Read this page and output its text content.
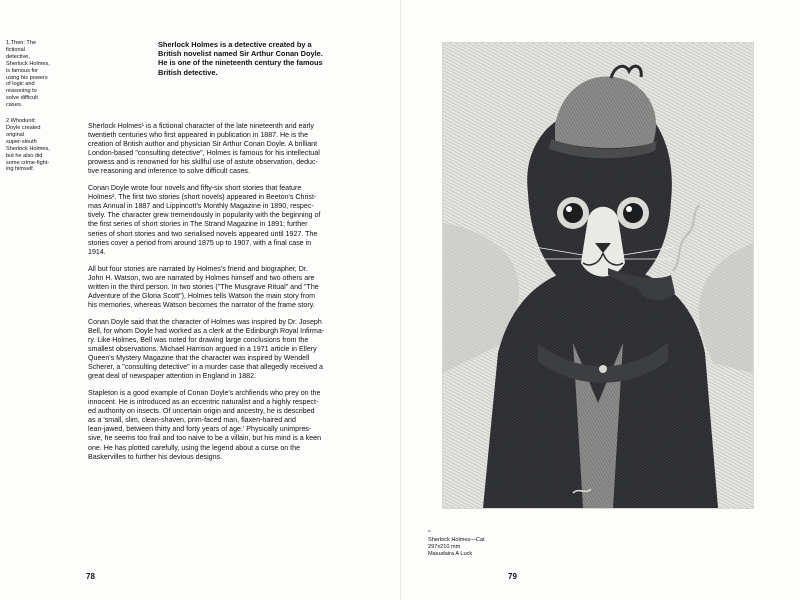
1.Then: The
fictional
detective,
Sherlock Holmes,
is famous for
using his powers
of logic and
reasoning to
solve difficult
cases.

2.Whodunit:
Doyle created
original
super-sleuth
Sherlock Holmes,
but he also did
some crime-fight-
ing himself.

Sherlock Holmes is a detective created by a
British novelist named Sir Arthur Conan Doyle.
He is one of the nineteenth century the famous
British detective.

Sherlock Holmes¹ is a fictional character of the late nineteenth and early
twentieth centuries who first appeared in publication in 1887. He is the
creation of British author and physician Sir Arthur Conan Doyle. A brilliant
London-based "consulting detective", Holmes is famous for his intellectual
prowess and is renowned for his skillful use of astute observation, deduc-
tive reasoning and inference to solve difficult cases.

Conan Doyle wrote four novels and fifty-six short stories that feature
Holmes². The first two stories (short novels) appeared in Beeton's Christ-
mas Annual in 1887 and Lippincott's Monthly Magazine in 1890, respec-
tively. The character grew tremendously in popularity with the beginning of
the first series of short stories in The Strand Magazine in 1891; further
series of short stories and two serialised novels appeared until 1927. The
stories cover a period from around 1875 up to 1907, with a final case in
1914.

All but four stories are narrated by Holmes's friend and biographer, Dr.
John H. Watson, two are narrated by Holmes himself and two others are
written in the third person. In two stories ("The Musgrave Ritual" and "The
Adventure of the Gloria Scott"), Holmes tells Watson the main story from
his memories, whereas Watson becomes the narrator of the frame story.

Conan Doyle said that the character of Holmes was inspired by Dr. Joseph
Bell, for whom Doyle had worked as a clerk at the Edinburgh Royal Infirma-
ry. Like Holmes, Bell was noted for drawing large conclusions from the
smallest observations. Michael Harrison argued in a 1971 article in Ellery
Queen's Mystery Magazine that the character was inspired by Wendell
Scherer, a "consulting detective" in a murder case that allegedly received a
great deal of newspaper attention in England in 1882.

Stapleton is a good example of Conan Doyle's archfiends who prey on the
innocent. He is introduced as an eccentric naturalist and a highly respect-
ed authority on insects. Of uncertain origin and ancestry, he is described
as a 'small, slim, clean-shaven, prim-faced man, flaxen-haired and
lean-jawed, between thirty and forty years of age.' Physically unimpres-
sive, he seems too frail and too naive to be a villain, but his mind is a keen
one. He has plotted carefully, using the legend about a curse on the
Baskervilles to further his devious designs.

78
^
Sherlock Holmes—Cat
297x210 mm
Masudaira A Luck
79
